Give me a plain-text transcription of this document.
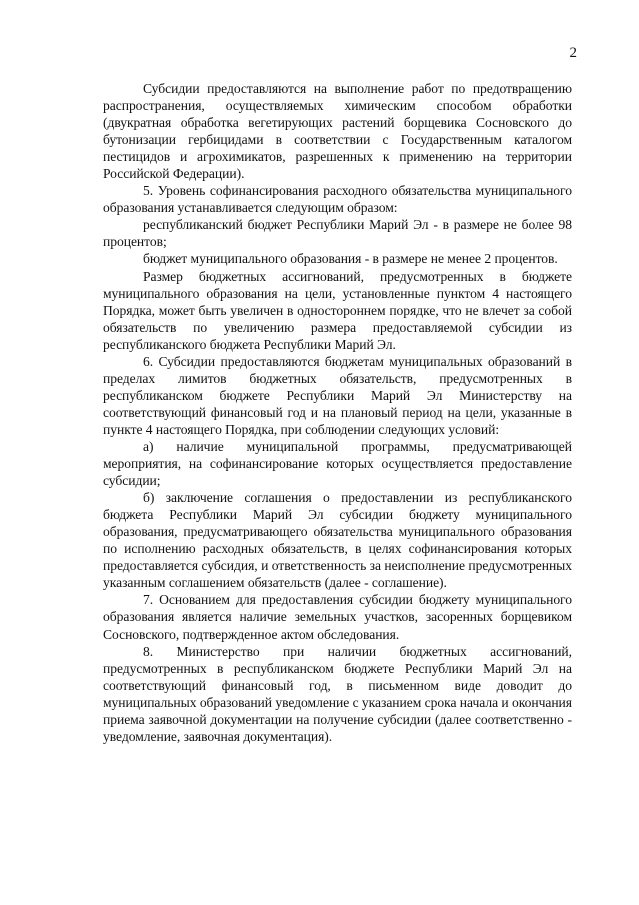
2

Субсидии предоставляются на выполнение работ по предотвращению распространения, осуществляемых химическим способом обработки (двукратная обработка вегетирующих растений борщевика Сосновского до бутонизации гербицидами в соответствии с Государственным каталогом пестицидов и агрохимикатов, разрешенных к применению на территории Российской Федерации).

5. Уровень софинансирования расходного обязательства муниципального образования устанавливается следующим образом:

республиканский бюджет Республики Марий Эл - в размере не более 98 процентов;

бюджет муниципального образования - в размере не менее 2 процентов.

Размер бюджетных ассигнований, предусмотренных в бюджете муниципального образования на цели, установленные пунктом 4 настоящего Порядка, может быть увеличен в одностороннем порядке, что не влечет за собой обязательств по увеличению размера предоставляемой субсидии из республиканского бюджета Республики Марий Эл.

6. Субсидии предоставляются бюджетам муниципальных образований в пределах лимитов бюджетных обязательств, предусмотренных в республиканском бюджете Республики Марий Эл Министерству на соответствующий финансовый год и на плановый период на цели, указанные в пункте 4 настоящего Порядка, при соблюдении следующих условий:

а) наличие муниципальной программы, предусматривающей мероприятия, на софинансирование которых осуществляется предоставление субсидии;

б) заключение соглашения о предоставлении из республиканского бюджета Республики Марий Эл субсидии бюджету муниципального образования, предусматривающего обязательства муниципального образования по исполнению расходных обязательств, в целях софинансирования которых предоставляется субсидия, и ответственность за неисполнение предусмотренных указанным соглашением обязательств (далее - соглашение).

7. Основанием для предоставления субсидии бюджету муниципального образования является наличие земельных участков, засоренных борщевиком Сосновского, подтвержденное актом обследования.

8. Министерство при наличии бюджетных ассигнований, предусмотренных в республиканском бюджете Республики Марий Эл на соответствующий финансовый год, в письменном виде доводит до муниципальных образований уведомление с указанием срока начала и окончания приема заявочной документации на получение субсидии (далее соответственно - уведомление, заявочная документация).
